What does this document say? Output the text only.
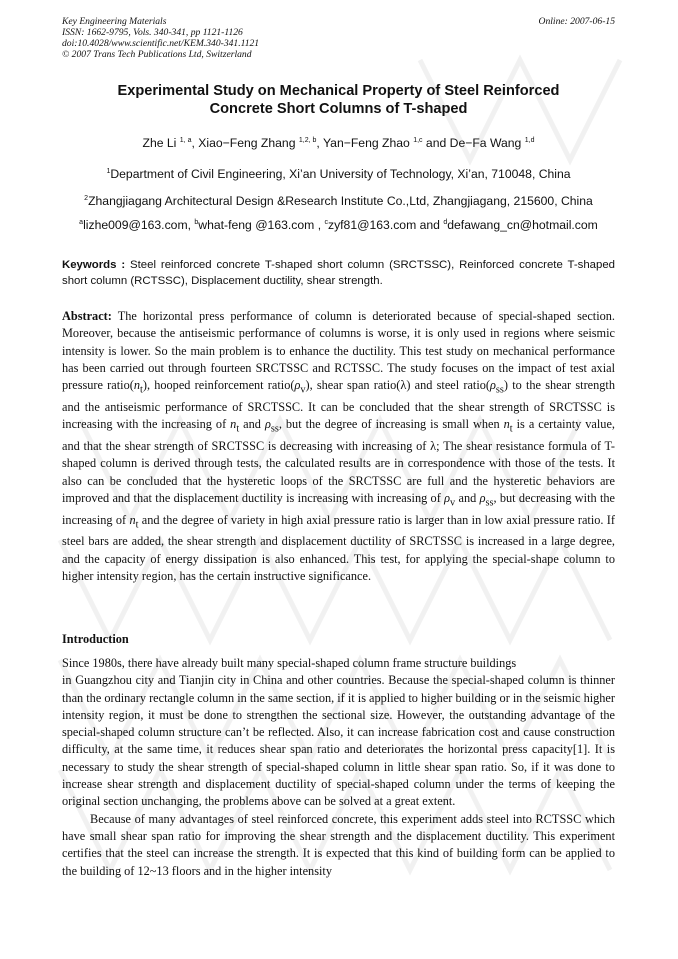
Key Engineering Materials
ISSN: 1662-9795, Vols. 340-341, pp 1121-1126
doi:10.4028/www.scientific.net/KEM.340-341.1121
© 2007 Trans Tech Publications Ltd, Switzerland
Online: 2007-06-15
Experimental Study on Mechanical Property of Steel Reinforced
Concrete Short Columns of T-shaped
Zhe Li $^{1, a}$, Xiao−Feng Zhang $^{1,2, b}$, Yan−Feng Zhao $^{1,c}$ and De−Fa Wang $^{1,d}$
$^1$Department of Civil Engineering, Xi’an University of Technology, Xi’an, 710048, China
$^2$Zhangjiagang Architectural Design &Research Institute Co.,Ltd, Zhangjiagang, 215600, China
$^a$lizhe009@163.com, $^b$what-feng @163.com , $^c$zyf81@163.com and $^d$defawang_cn@hotmail.com
Keywords : Steel reinforced concrete T-shaped short column (SRCTSSC), Reinforced concrete T-shaped short column (RCTSSC), Displacement ductility, shear strength.
Abstract: The horizontal press performance of column is deteriorated because of special-shaped section. Moreover, because the antiseismic performance of columns is worse, it is only used in regions where seismic intensity is lower. So the main problem is to enhance the ductility. This test study on mechanical performance has been carried out through fourteen SRCTSSC and RCTSSC. The study focuses on the impact of test axial pressure $ratio(n_t)$, hooped reinforcement $ratio(\rho_v)$, shear span ratio(λ) and steel $ratio(\rho_{ss})$ to the shear strength and the antiseismic performance of SRCTSSC. It can be concluded that the shear strength of SRCTSSC is increasing with the increasing of $n_t$ and $\rho_{ss}$, but the degree of increasing is small when $n_t$ is a certainty value, and that the shear strength of SRCTSSC is decreasing with increasing of λ; The shear resistance formula of T-shaped column is derived through tests, the calculated results are in correspondence with those of the tests. It also can be concluded that the hysteretic loops of the SRCTSSC are full and the hysteretic behaviors are improved and that the displacement ductility is increasing with increasing of $\rho_v$ and $\rho_{ss}$, but decreasing with the increasing of $n_t$ and the degree of variety in high axial pressure ratio is larger than in low axial pressure ratio. If steel bars are added, the shear strength and displacement ductility of SRCTSSC is increased in a large degree, and the capacity of energy dissipation is also enhanced. This test, for applying the special-shape column to higher intensity region, has the certain instructive significance.
Introduction

Since 1980s, there have already built many special-shaped column frame structure buildings

in Guangzhou city and Tianjin city in China and other countries. Because the special-shaped column is thinner than the ordinary rectangle column in the same section, if it is applied to higher building or in the seismic higher intensity region, it must be done to strengthen the sectional size. However, the outstanding advantage of the special-shaped column structure can’t be reflected. Also, it can increase fabrication cost and cause construction difficulty, at the same time, it reduces shear span ratio and deteriorates the horizontal press capacity[1]. It is necessary to study the shear strength of special-shaped column in little shear span ratio. So, if it was done to increase shear strength and displacement ductility of special-shaped column under the terms of keeping the original section unchanging, the problems above can be solved at a great extent.

Because of many advantages of steel reinforced concrete, this experiment adds steel into RCTSSC which have small shear span ratio for improving the shear strength and the displacement ductility. This experiment certifies that the steel can increase the strength. It is expected that this kind of building form can be applied to the building of 12~13 floors and in the higher intensity
